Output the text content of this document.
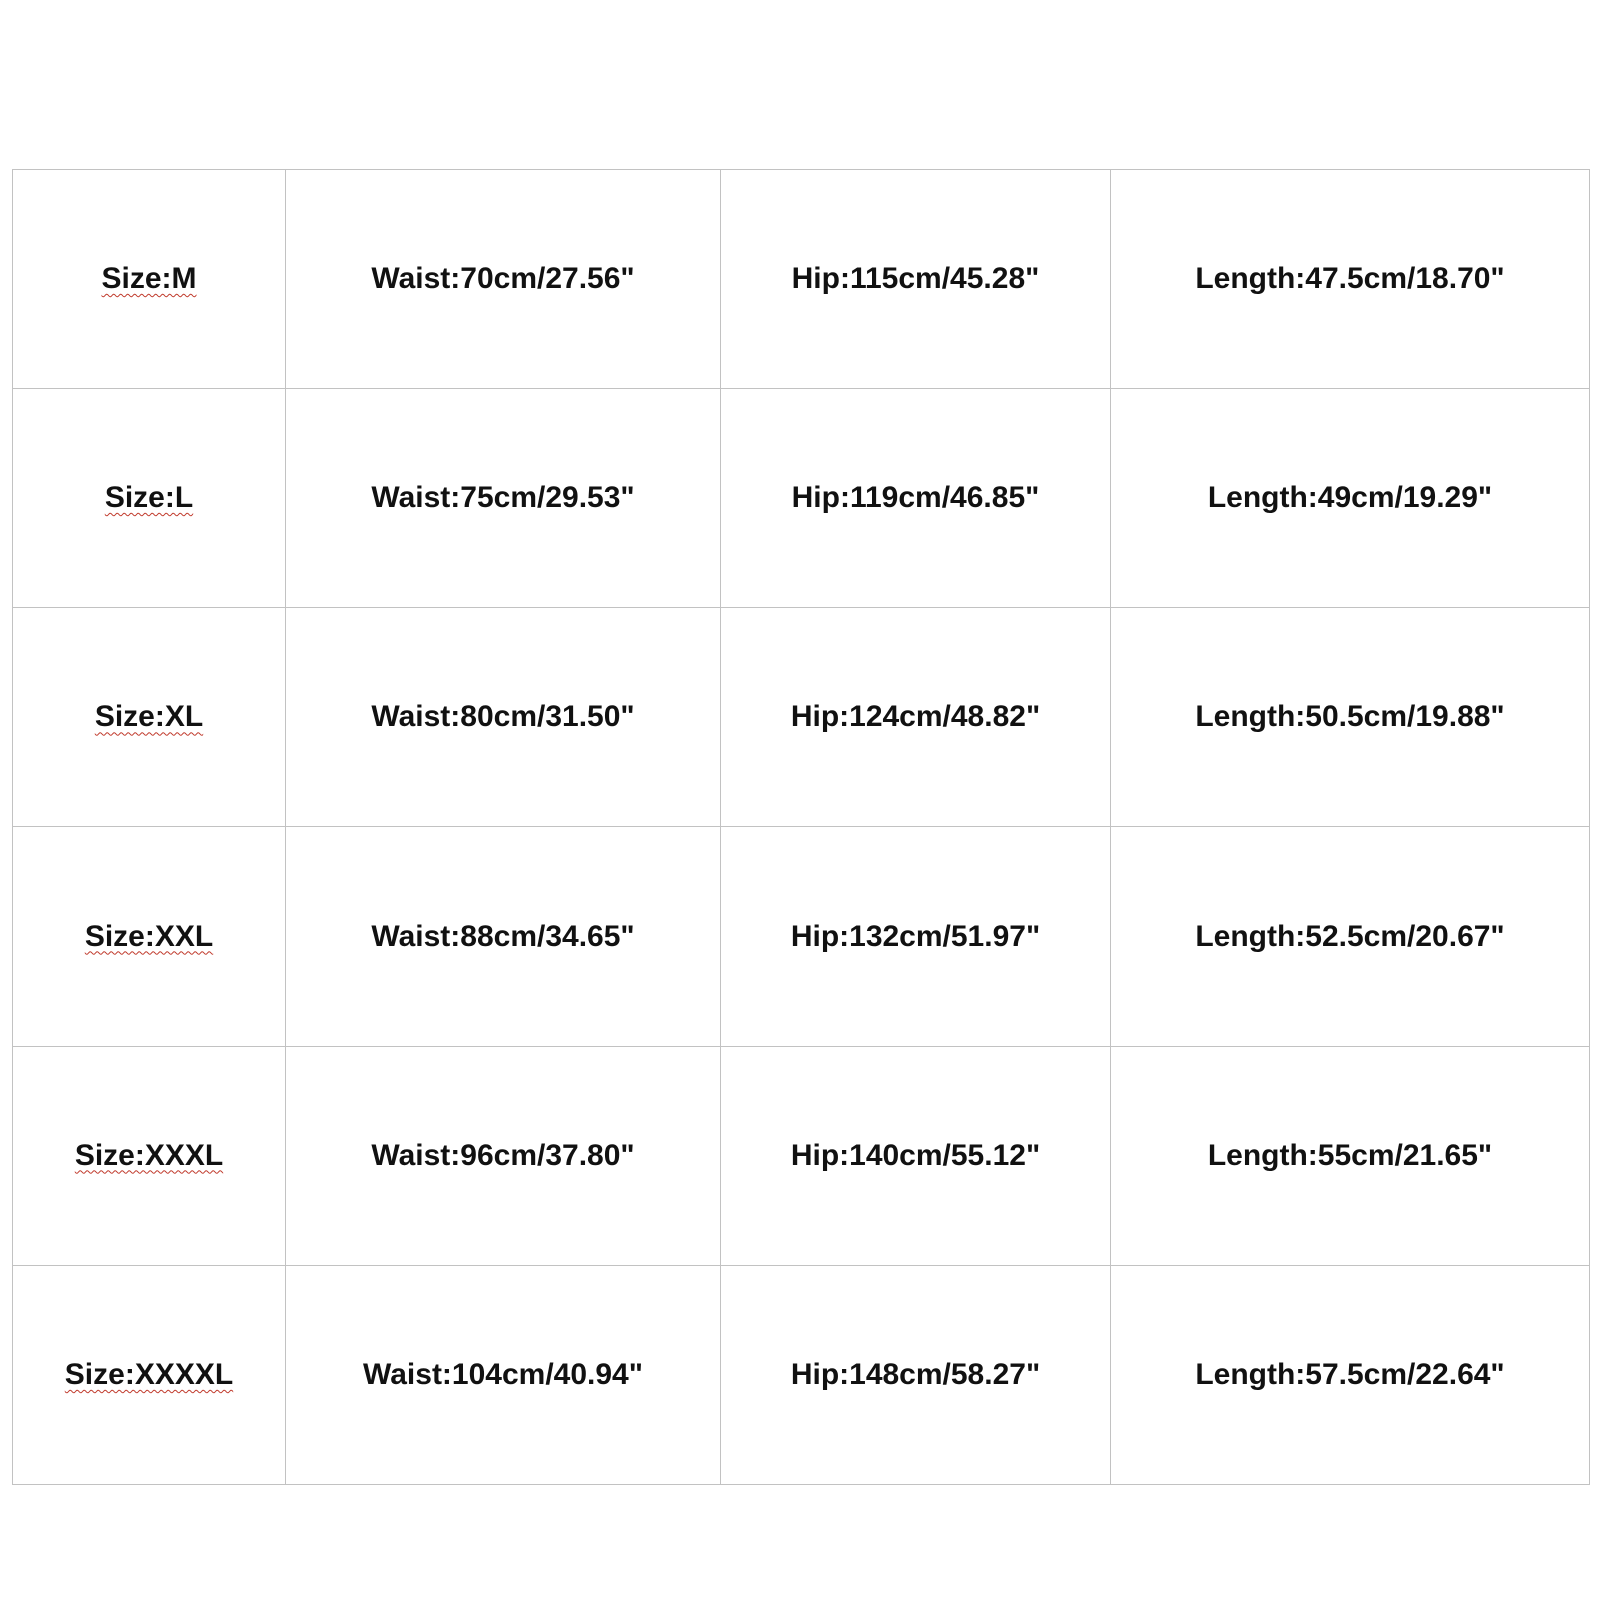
Size:M	Waist:70cm/27.56"	Hip:115cm/45.28"	Length:47.5cm/18.70"
Size:L	Waist:75cm/29.53"	Hip:119cm/46.85"	Length:49cm/19.29"
Size:XL	Waist:80cm/31.50"	Hip:124cm/48.82"	Length:50.5cm/19.88"
Size:XXL	Waist:88cm/34.65"	Hip:132cm/51.97"	Length:52.5cm/20.67"
Size:XXXL	Waist:96cm/37.80"	Hip:140cm/55.12"	Length:55cm/21.65"
Size:XXXXL	Waist:104cm/40.94"	Hip:148cm/58.27"	Length:57.5cm/22.64"
